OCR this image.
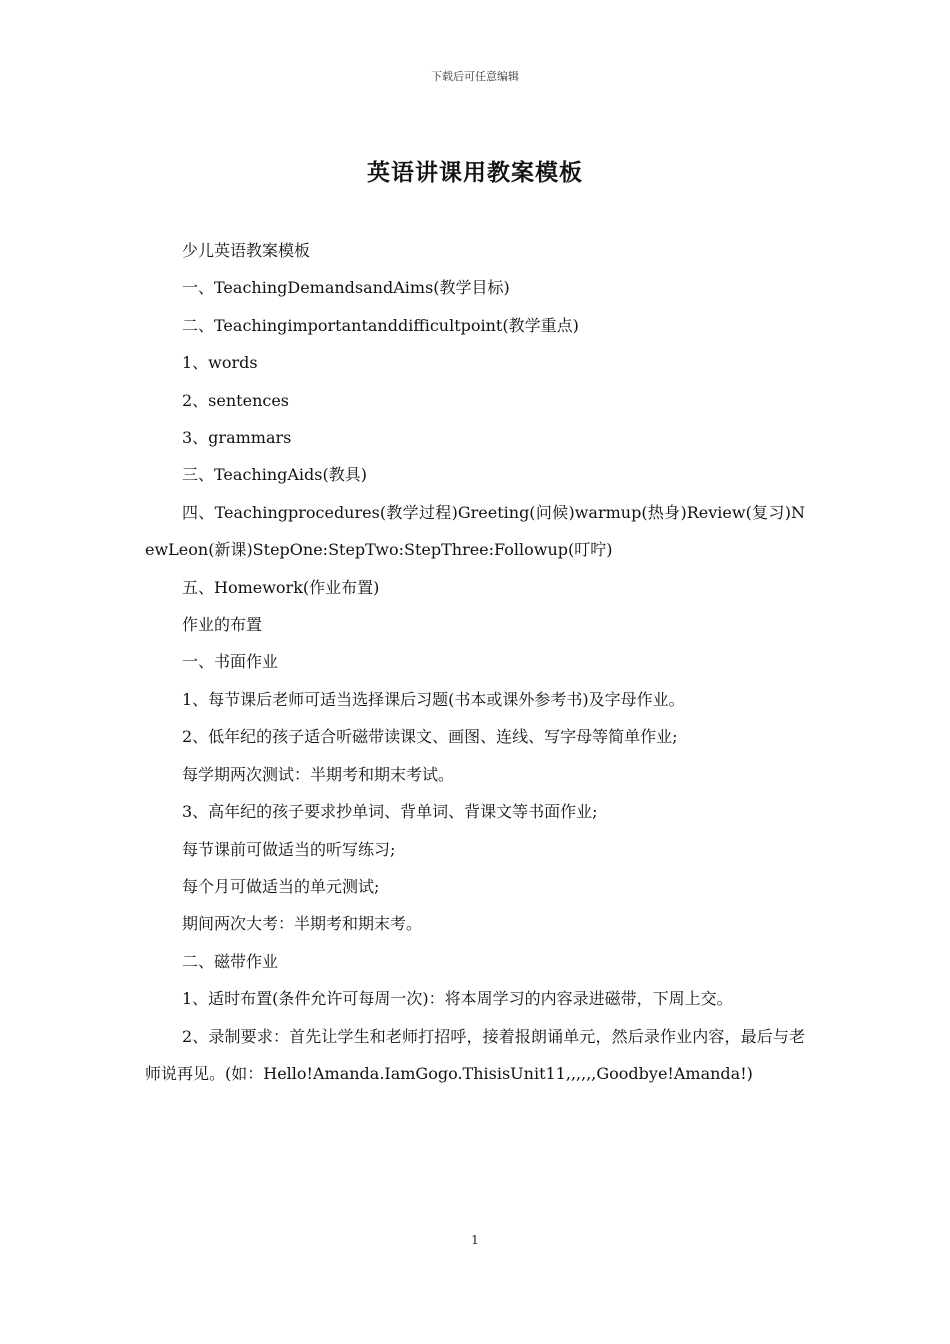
下载后可任意编辑
英语讲课用教案模板

少儿英语教案模板

一、TeachingDemandsandAims(教学目标)

二、Teachingimportantanddifficultpoint(教学重点)

1、words

2、sentences

3、grammars

三、TeachingAids(教具)

四、Teachingprocedures(教学过程)Greeting(问候)warmup(热身)Review(复习)NewLeon(新课)StepOne:StepTwo:StepThree:Followup(叮咛)

五、Homework(作业布置)

作业的布置

一、书面作业

1、每节课后老师可适当选择课后习题(书本或课外参考书)及字母作业。

2、低年纪的孩子适合听磁带读课文、画图、连线、写字母等简单作业;

每学期两次测试：半期考和期末考试。

3、高年纪的孩子要求抄单词、背单词、背课文等书面作业;

每节课前可做适当的听写练习;

每个月可做适当的单元测试;

期间两次大考：半期考和期末考。

二、磁带作业

1、适时布置(条件允许可每周一次)：将本周学习的内容录进磁带，下周上交。

2、录制要求：首先让学生和老师打招呼，接着报朗诵单元，然后录作业内容，最后与老师说再见。(如：Hello!Amanda.IamGogo.ThisisUnit11,,,,,,Goodbye!Amanda!)

1
